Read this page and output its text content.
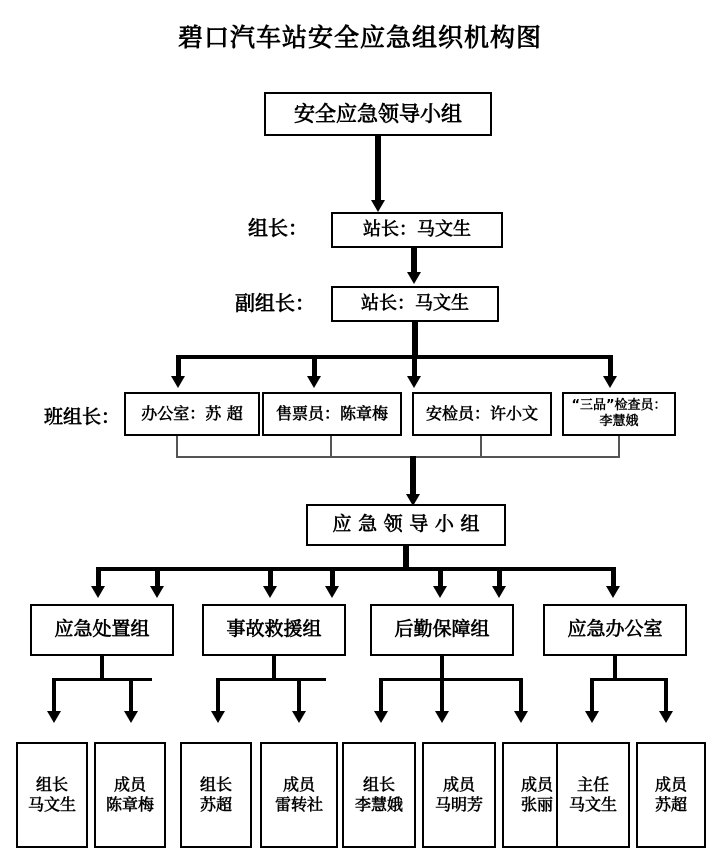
碧口汽车站安全应急组织机构图
安全应急领导小组
组长：	站长：马文生
副组长：	站长：马文生
班组长： 办公室：苏 超 售票员：陈章梅 安检员：许小文	“三品”检查员：
李慧娥
应 急 领 导 小 组
应急处置组	事故救援组	后勤保障组	应急办公室
组长
马文生
成员
陈章梅
组长
苏超
成员
雷转社
组长
李慧娥
成员
马明芳
成员
张丽
主任
马文生
成员
苏超
